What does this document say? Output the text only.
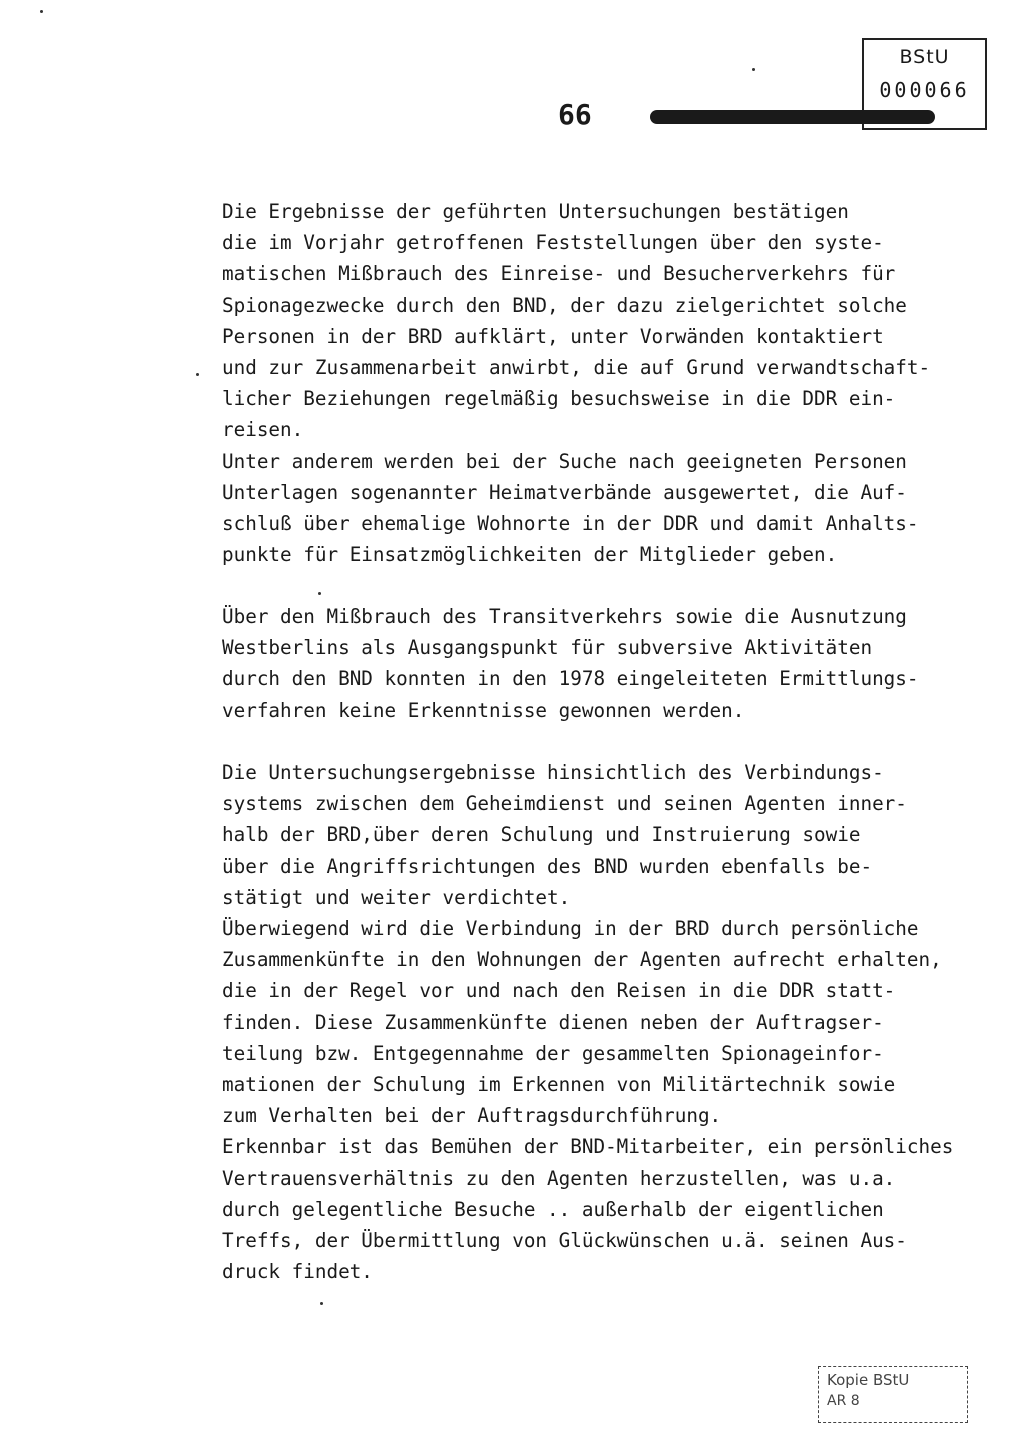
BStU
000066
66

Die Ergebnisse der geführten Untersuchungen bestätigen
die im Vorjahr getroffenen Feststellungen über den syste-
matischen Mißbrauch des Einreise- und Besucherverkehrs für
Spionagezwecke durch den BND, der dazu zielgerichtet solche
Personen in der BRD aufklärt, unter Vorwänden kontaktiert
und zur Zusammenarbeit anwirbt, die auf Grund verwandtschaft-
licher Beziehungen regelmäßig besuchsweise in die DDR ein-
reisen.
Unter anderem werden bei der Suche nach geeigneten Personen
Unterlagen sogenannter Heimatverbände ausgewertet, die Auf-
schluß über ehemalige Wohnorte in der DDR und damit Anhalts-
punkte für Einsatzmöglichkeiten der Mitglieder geben.

Über den Mißbrauch des Transitverkehrs sowie die Ausnutzung
Westberlins als Ausgangspunkt für subversive Aktivitäten
durch den BND konnten in den 1978 eingeleiteten Ermittlungs-
verfahren keine Erkenntnisse gewonnen werden.

Die Untersuchungsergebnisse hinsichtlich des Verbindungs-
systems zwischen dem Geheimdienst und seinen Agenten inner-
halb der BRD,über deren Schulung und Instruierung sowie
über die Angriffsrichtungen des BND wurden ebenfalls be-
stätigt und weiter verdichtet.
Überwiegend wird die Verbindung in der BRD durch persönliche
Zusammenkünfte in den Wohnungen der Agenten aufrecht erhalten,
die in der Regel vor und nach den Reisen in die DDR statt-
finden. Diese Zusammenkünfte dienen neben der Auftragser-
teilung bzw. Entgegennahme der gesammelten Spionageinfor-
mationen der Schulung im Erkennen von Militärtechnik sowie
zum Verhalten bei der Auftragsdurchführung.
Erkennbar ist das Bemühen der BND-Mitarbeiter, ein persönliches
Vertrauensverhältnis zu den Agenten herzustellen, was u.a.
durch gelegentliche Besuche .. außerhalb der eigentlichen
Treffs, der Übermittlung von Glückwünschen u.ä. seinen Aus-
druck findet.

Kopie BStU
AR 8
